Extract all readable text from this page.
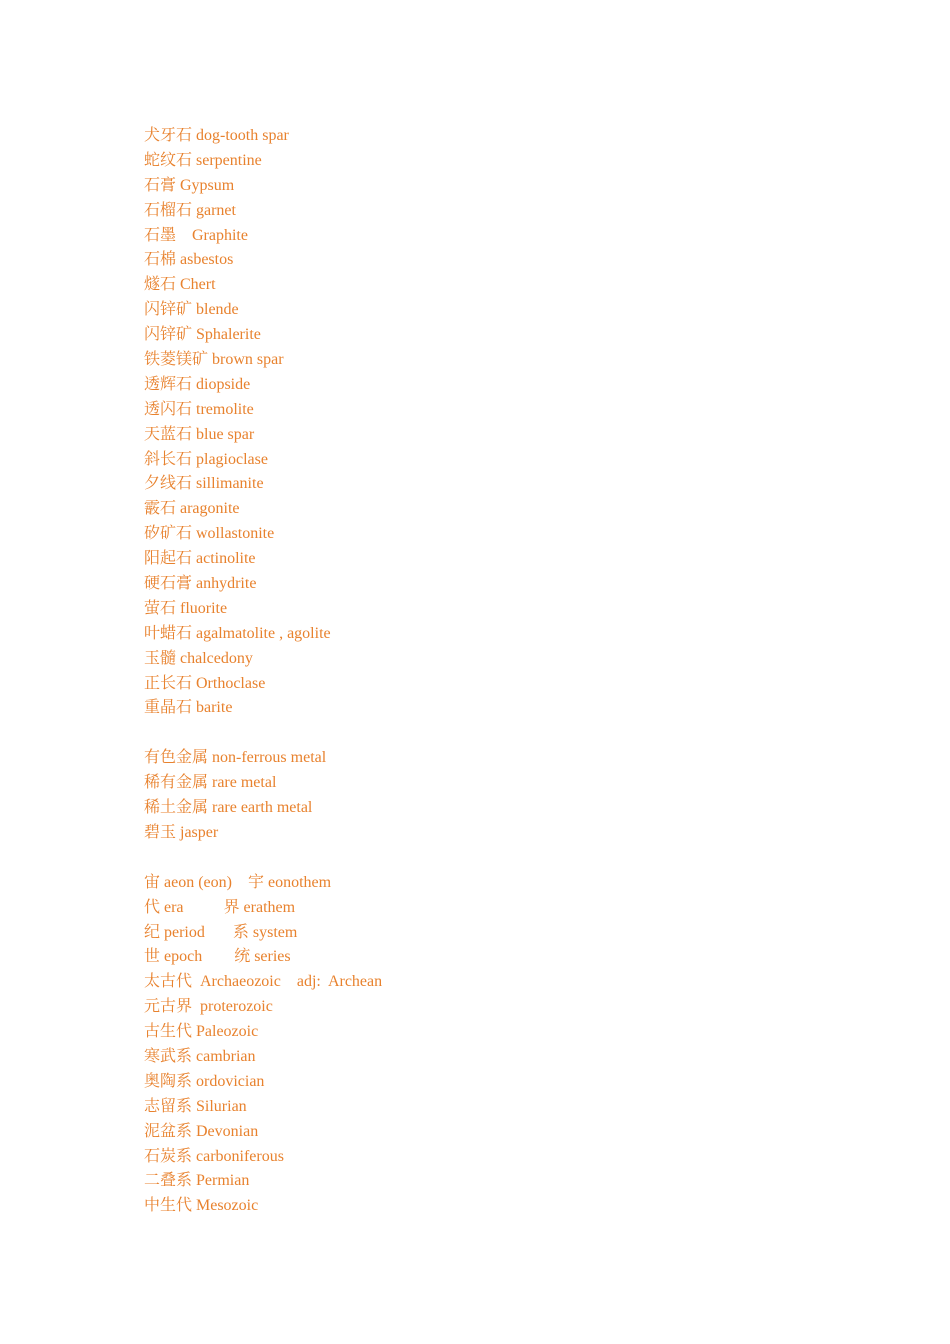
犬牙石 dog-tooth spar
蛇纹石 serpentine
石膏 Gypsum
石榴石 garnet
石墨    Graphite
石棉 asbestos
燧石 Chert
闪锌矿 blende
闪锌矿 Sphalerite
铁菱镁矿 brown spar
透辉石 diopside
透闪石 tremolite
天蓝石 blue spar
斜长石 plagioclase
夕线石 sillimanite
霰石 aragonite
矽矿石 wollastonite
阳起石 actinolite
硬石膏 anhydrite
萤石 fluorite
叶蜡石 agalmatolite , agolite
玉髓 chalcedony
正长石 Orthoclase
重晶石 barite
有色金属 non-ferrous metal
稀有金属 rare metal
稀土金属 rare earth metal
碧玉 jasper
宙 aeon (eon)    宇 eonothem
代 era          界 erathem
纪 period       系 system
世 epoch        统 series
太古代  Archaeozoic    adj:  Archean
元古界  proterozoic
古生代 Paleozoic
寒武系 cambrian
奥陶系 ordovician
志留系 Silurian
泥盆系 Devonian
石炭系 carboniferous
二叠系 Permian
中生代 Mesozoic
